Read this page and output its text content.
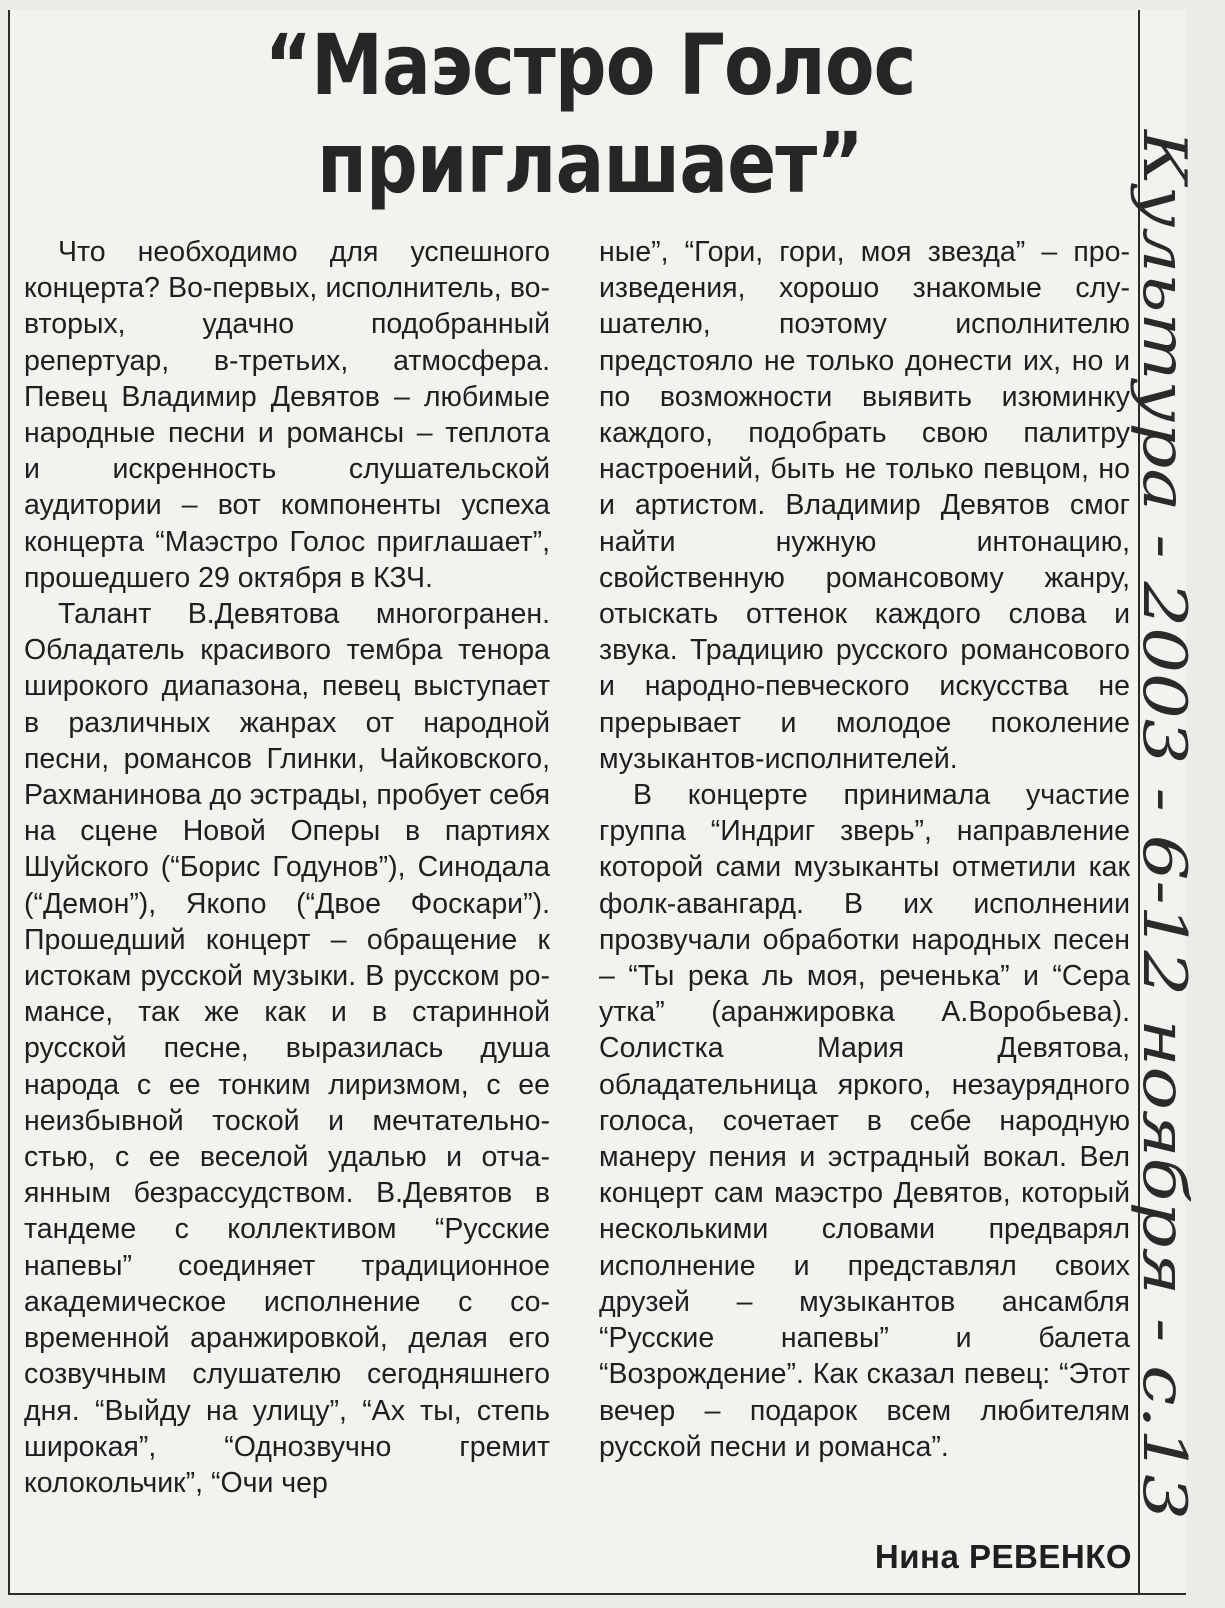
“Маэстро Голос
приглашает”

Что необходимо для успешного концерта? Во-первых, исполнитель, во-вторых, удачно подобранный репертуар, в-третьих, атмосфера. Певец Владимир Девятов – любимые народные песни и романсы – теплота и искренность слушательской аудитории – вот компоненты успеха концерта “Маэстро Голос приглашает”, прошедшего 29 октября в КЗЧ.

Талант В.Девятова многогранен. Обладатель красивого тембра тенора широкого диапазона, певец выступает в различных жанрах от народной песни, романсов Глинки, Чайковского, Рахманинова до эстрады, пробует себя на сцене Новой Оперы в партиях Шуйского (“Борис Годунов”), Синодала (“Демон”), Якопо (“Двое Фоскари”). Прошедший концерт – обращение к истокам русской музыки. В русском романсе, так же как и в старинной русской песне, выразилась душа народа с ее тонким лиризмом, с ее неизбывной тоской и мечтательностью, с ее веселой удалью и отчаянным безрассудством. В.Девятов в тандеме с коллективом “Русские напевы” соединяет традиционное академическое исполнение с современной аранжировкой, делая его созвучным слушателю сегодняшнего дня. “Выйду на улицу”, “Ах ты, степь широкая”, “Однозвучно гремит колокольчик”, “Очи чер

ные”, “Гори, гори, моя звезда” – произведения, хорошо знакомые слушателю, поэтому исполнителю предстояло не только донести их, но и по возможности выявить изюминку каждого, подобрать свою палитру настроений, быть не только певцом, но и артистом. Владимир Девятов смог найти нужную интонацию, свойственную романсовому жанру, отыскать оттенок каждого слова и звука. Традицию русского романсового и народно-певческого искусства не прерывает и молодое поколение музыкантов-исполнителей.

В концерте принимала участие группа “Индриг зверь”, направление которой сами музыканты отметили как фолк-авангард. В их исполнении прозвучали обработки народных песен – “Ты река ль моя, реченька” и “Сера утка” (аранжировка А.Воробьева). Солистка Мария Девятова, обладательница яркого, незаурядного голоса, сочетает в себе народную манеру пения и эстрадный вокал. Вел концерт сам маэстро Девятов, который несколькими словами предварял исполнение и представлял своих друзей – музыкантов ансамбля “Русские напевы” и балета “Возрождение”. Как сказал певец: “Этот вечер – подарок всем любителям русской песни и романса”.

Нина РЕВЕНКО
Культура - 2003 - 6-12 ноября - с.13
